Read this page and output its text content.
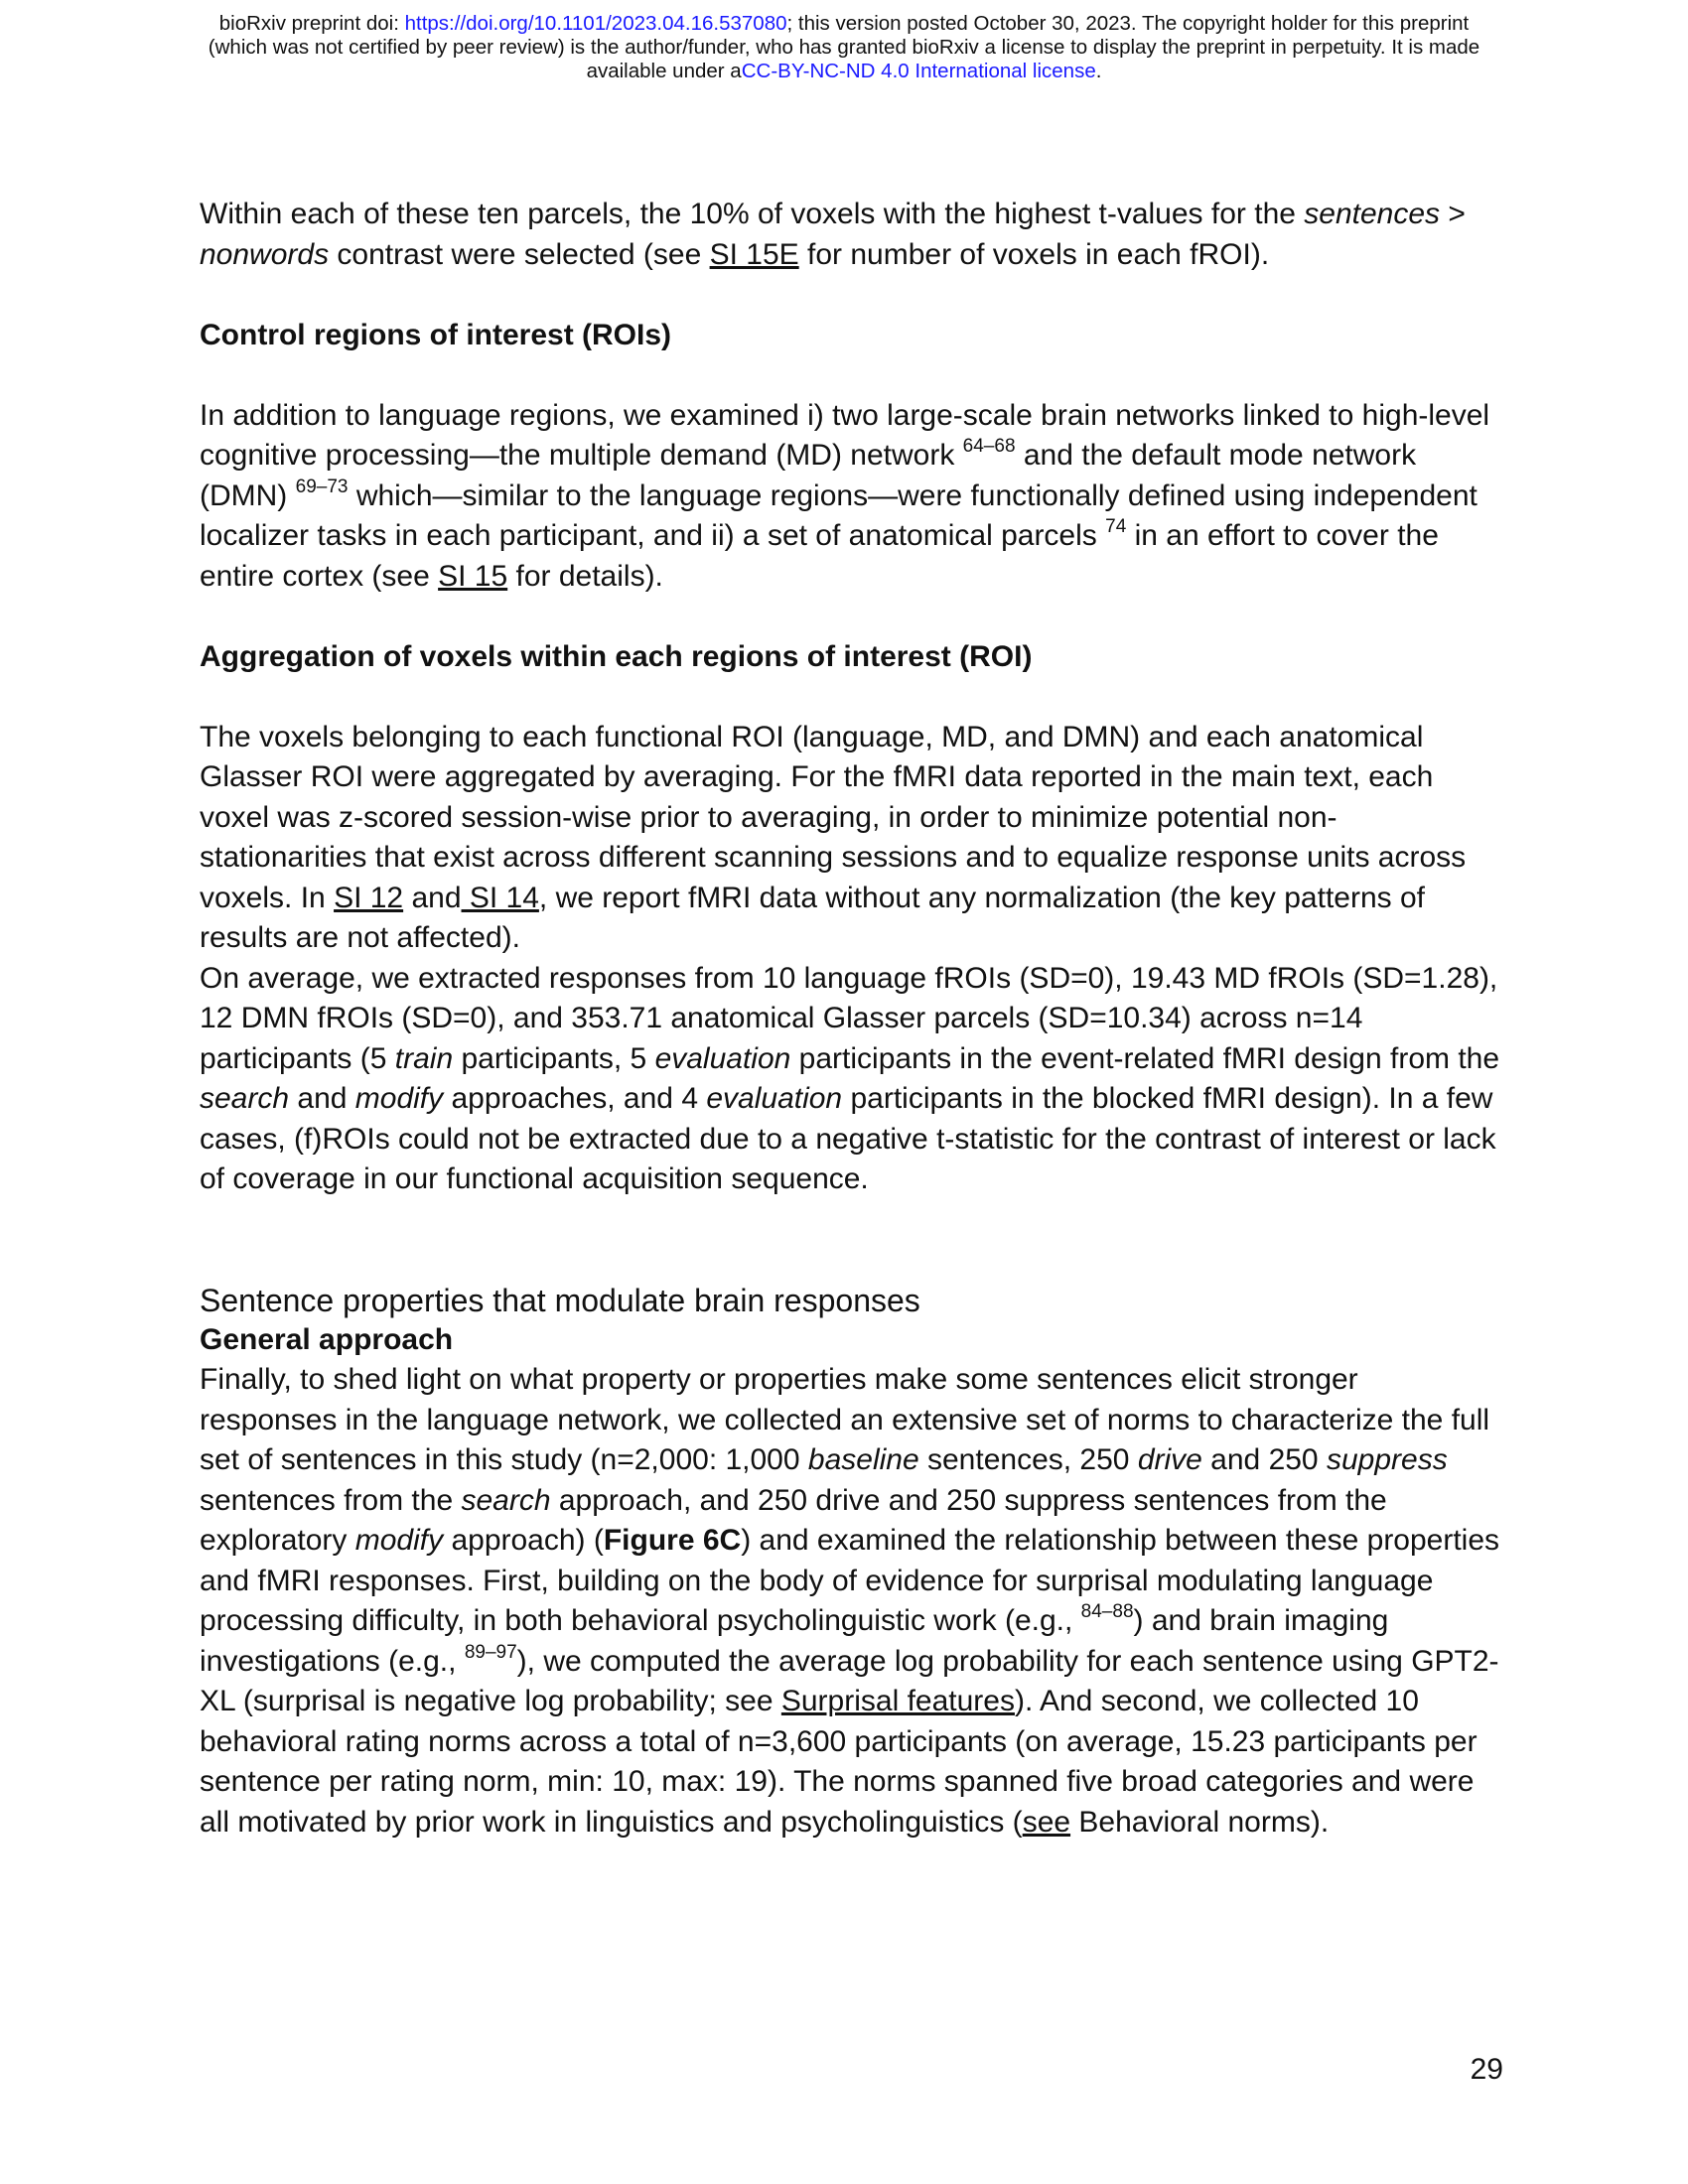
bioRxiv preprint doi: https://doi.org/10.1101/2023.04.16.537080; this version posted October 30, 2023. The copyright holder for this preprint
(which was not certified by peer review) is the author/funder, who has granted bioRxiv a license to display the preprint in perpetuity. It is made
available under aCC-BY-NC-ND 4.0 International license.

Within each of these ten parcels, the 10% of voxels with the highest t-values for the sentences > nonwords contrast were selected (see SI 15E for number of voxels in each fROI).

Control regions of interest (ROIs)

In addition to language regions, we examined i) two large-scale brain networks linked to high-level cognitive processing—the multiple demand (MD) network $^{64-68}$ and the default mode network (DMN) $^{69-73}$ which—similar to the language regions—were functionally defined using independent localizer tasks in each participant, and ii) a set of anatomical parcels $^{74}$ in an effort to cover the entire cortex (see SI 15 for details).

Aggregation of voxels within each regions of interest (ROI)

The voxels belonging to each functional ROI (language, MD, and DMN) and each anatomical Glasser ROI were aggregated by averaging. For the fMRI data reported in the main text, each voxel was z-scored session-wise prior to averaging, in order to minimize potential non-stationarities that exist across different scanning sessions and to equalize response units across voxels. In SI 12 and SI 14, we report fMRI data without any normalization (the key patterns of results are not affected).

On average, we extracted responses from 10 language fROIs (SD=0), 19.43 MD fROIs (SD=1.28), 12 DMN fROIs (SD=0), and 353.71 anatomical Glasser parcels (SD=10.34) across n=14 participants (5 train participants, 5 evaluation participants in the event-related fMRI design from the search and modify approaches, and 4 evaluation participants in the blocked fMRI design). In a few cases, (f)ROIs could not be extracted due to a negative t-statistic for the contrast of interest or lack of coverage in our functional acquisition sequence.

Sentence properties that modulate brain responses

General approach

Finally, to shed light on what property or properties make some sentences elicit stronger responses in the language network, we collected an extensive set of norms to characterize the full set of sentences in this study (n=2,000: 1,000 baseline sentences, 250 drive and 250 suppress sentences from the search approach, and 250 drive and 250 suppress sentences from the exploratory modify approach) (Figure 6C) and examined the relationship between these properties and fMRI responses. First, building on the body of evidence for surprisal modulating language processing difficulty, in both behavioral psycholinguistic work (e.g., $^{84-88}$) and brain imaging investigations (e.g., $^{89-97}$), we computed the average log probability for each sentence using GPT2-XL (surprisal is negative log probability; see Surprisal features). And second, we collected 10 behavioral rating norms across a total of n=3,600 participants (on average, 15.23 participants per sentence per rating norm, min: 10, max: 19). The norms spanned five broad categories and were all motivated by prior work in linguistics and psycholinguistics (see Behavioral norms).

29
